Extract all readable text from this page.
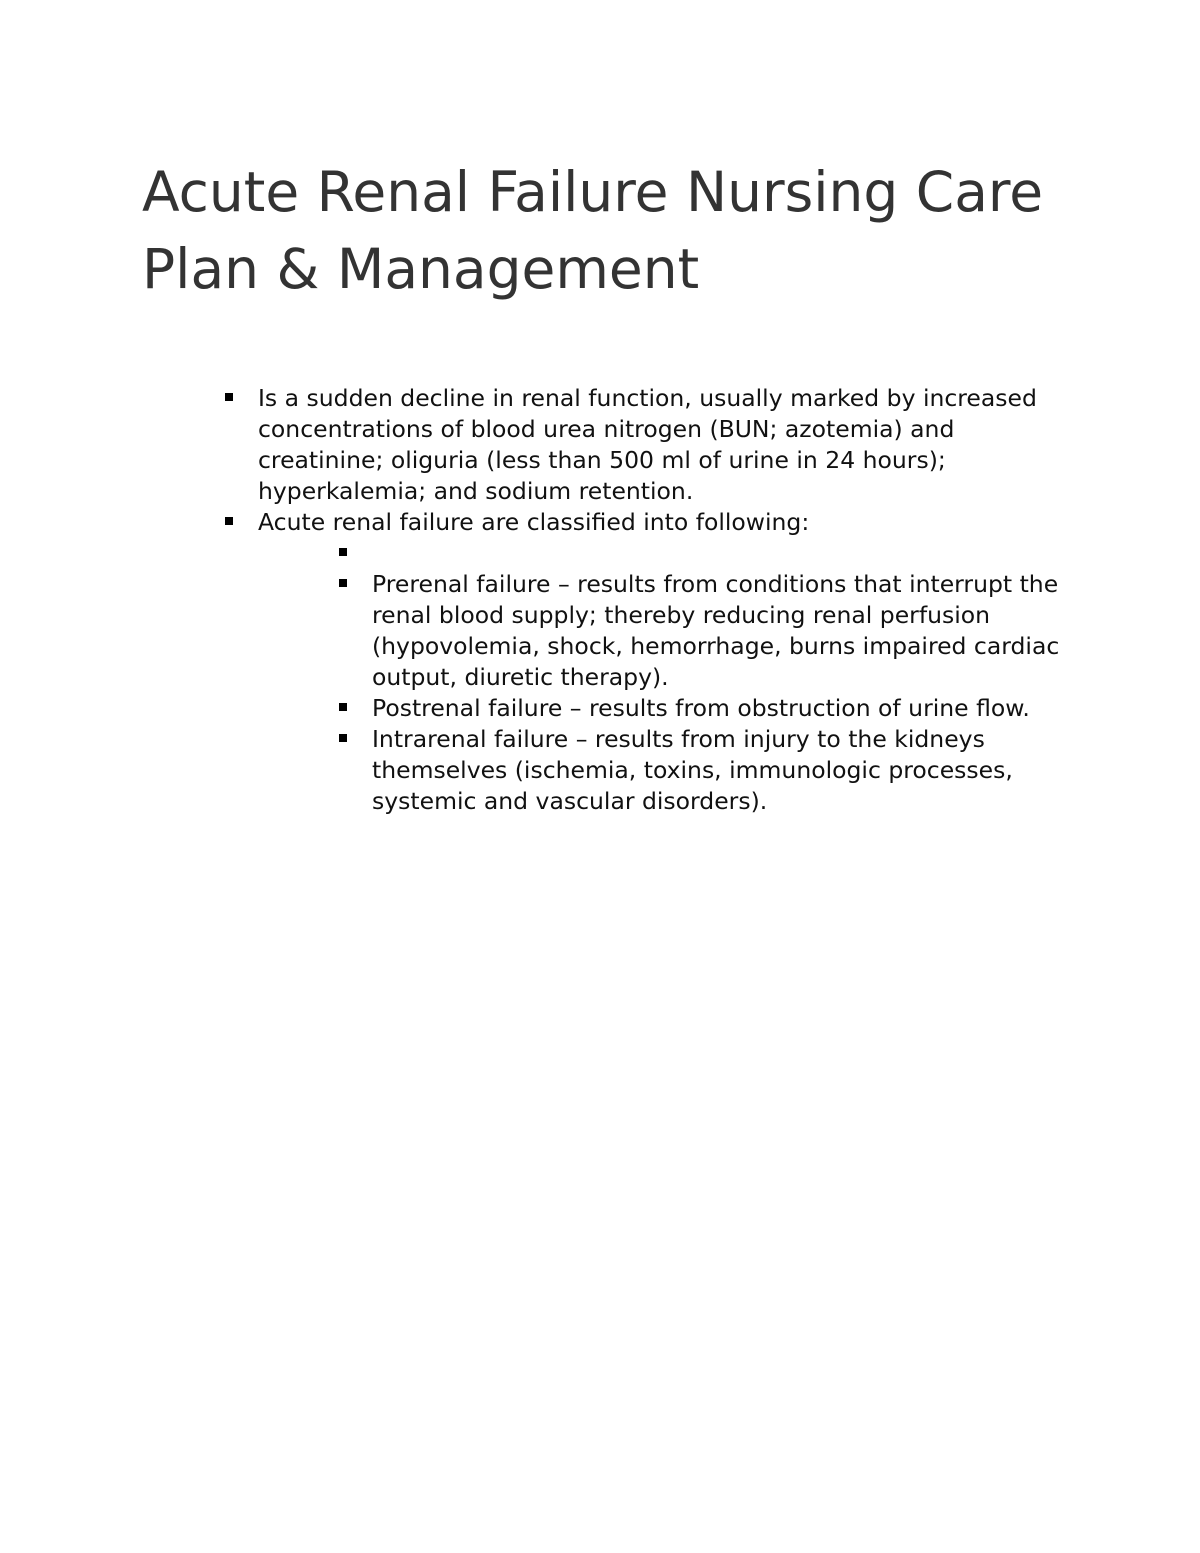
Acute Renal Failure Nursing Care Plan & Management
Is a sudden decline in renal function, usually marked by increased concentrations of blood urea nitrogen (BUN; azotemia) and creatinine; oliguria (less than 500 ml of urine in 24 hours); hyperkalemia; and sodium retention.
Acute renal failure are classified into following:
Prerenal failure – results from conditions that interrupt the renal blood supply; thereby reducing renal perfusion (hypovolemia, shock, hemorrhage, burns impaired cardiac output, diuretic therapy).
Postrenal failure – results from obstruction of urine flow.
Intrarenal failure – results from injury to the kidneys themselves (ischemia, toxins, immunologic processes, systemic and vascular disorders).
